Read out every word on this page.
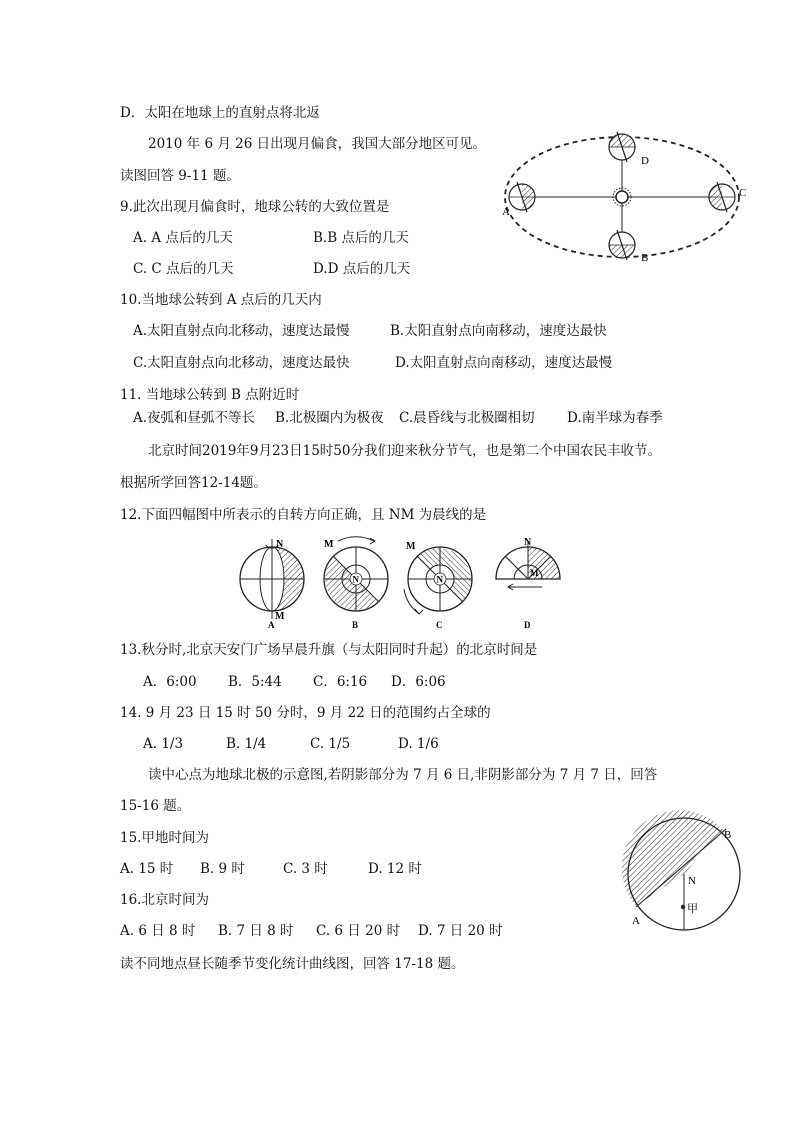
D．太阳在地球上的直射点将北返
2010 年 6 月 26 日出现月偏食，我国大部分地区可见。
读图回答 9-11 题。
9.此次出现月偏食时，地球公转的大致位置是
A. A 点后的几天	B.B 点后的几天
C. C 点后的几天	D.D 点后的几天
10.当地球公转到 A 点后的几天内
A.太阳直射点向北移动，速度达最慢	B.太阳直射点向南移动，速度达最快
C.太阳直射点向北移动，速度达最快	D.太阳直射点向南移动，速度达最慢
11. 当地球公转到 B 点附近时
A.夜弧和昼弧不等长 B.北极圈内为极夜 C.晨昏线与北极圈相切 D.南半球为春季
北京时间2019年9月23日15时50分我们迎来秋分节气，也是第二个中国农民丰收节。
根据所学回答12-14题。
12.下面四幅图中所表示的自转方向正确，且 NM 为晨线的是
13.秋分时,北京天安门广场早晨升旗（与太阳同时升起）的北京时间是
A．6:00 B．5:44 C．6:16 D．6:06
14. 9 月 23 日 15 时 50 分时，9 月 22 日的范围约占全球的
A. 1/3	B. 1/4	C. 1/5	D. 1/6
读中心点为地球北极的示意图,若阴影部分为 7 月 6 日,非阴影部分为 7 月 7 日，回答
15-16 题。
15.甲地时间为
A. 15 时 B. 9 时	C. 3 时	D. 12 时
16.北京时间为
A. 6 日 8 时 B. 7 日 8 时 C. 6 日 20 时 D. 7 日 20 时
读不同地点昼长随季节变化统计曲线图，回答 17-18 题。
A
B
C
D
N
M
N
M
N
M	N
M
A	B	C	D
N
A
B
甲
